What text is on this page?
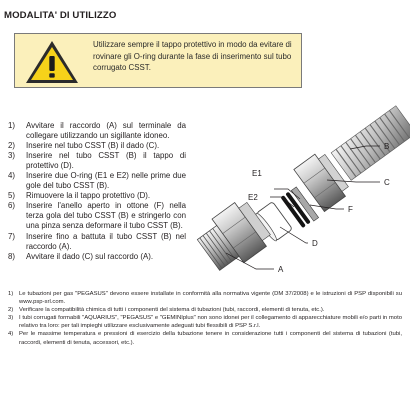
MODALITA' DI UTILIZZO
Utilizzare sempre il tappo protettivo in modo da evitare di rovinare gli O-ring durante la fase di inserimento sul tubo corrugato CSST.
1) Avvitare il raccordo (A) sul terminale da collegare utilizzando un sigillante idoneo.
2) Inserire nel tubo CSST (B) il dado (C).
3) Inserire nel tubo CSST (B) il tappo di protettivo (D).
4) Inserire due O-ring (E1 e E2) nelle prime due gole del tubo CSST (B).
5) Rimuovere la il tappo protettivo (D).
6) Inserire l'anello aperto in ottone (F) nella terza gola del tubo CSST (B) e stringerlo con una pinza senza deformare il tubo CSST (B).
7) Inserire fino a battuta il tubo CSST (B) nel raccordo (A).
8) Avvitare il dado (C) sul raccordo (A).
B
C
E1
E2
F
D
A
1) Le tubazioni per gas "PEGASUS" devono essere installate in conformità alla normativa vigente (DM 37/2008) e le istruzioni di PSP disponibili su www.psp-srl.com.
2) Verificare la compatibilità chimica di tutti i componenti del sistema di tubazioni (tubi, raccordi, elementi di tenuta, etc.).
3) I tubi corrugati formabili "AQUARIUS", "PEGASUS" e "GEMINIplus" non sono idonei per il collegamento di apparecchiature mobili e/o parti in moto relativo tra loro: per tali impieghi utilizzare esclusivamente adeguati tubi flessibili di PSP S.r.l.
4) Per le massime temperatura e pressioni di esercizio della tubazione tenere in considerazione tutti i componenti del sistema di tubazioni (tubi, raccordi, elementi di tenuta, accessori, etc.).
